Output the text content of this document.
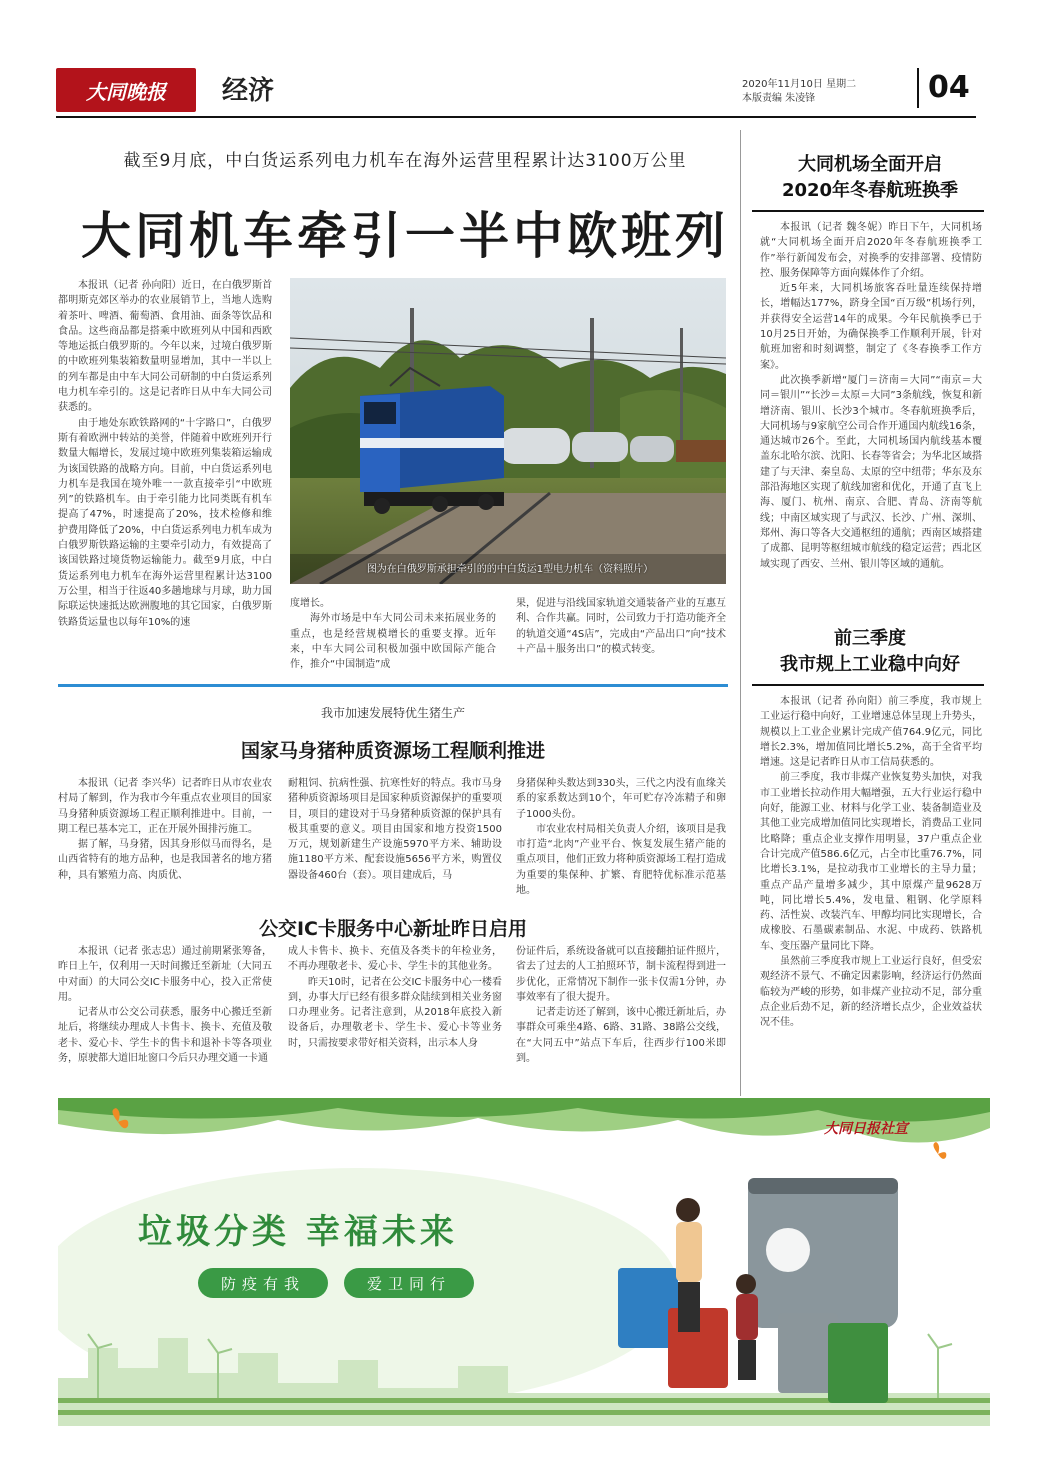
大同晚报	经济	2020年11月10日 星期二
本版责编 朱凌锋	04
截至9月底，中白货运系列电力机车在海外运营里程累计达3100万公里
大同机车牵引一半中欧班列

本报讯（记者 孙向阳）近日，在白俄罗斯首都明斯克郊区举办的农业展销节上，当地人选购着茶叶、啤酒、葡萄酒、食用油、面条等饮品和食品。这些商品都是搭乘中欧班列从中国和西欧等地运抵白俄罗斯的。今年以来，过境白俄罗斯的中欧班列集装箱数量明显增加，其中一半以上的列车都是由中车大同公司研制的中白货运系列电力机车牵引的。这是记者昨日从中车大同公司获悉的。

由于地处东欧铁路网的“十字路口”，白俄罗斯有着欧洲中转站的美誉，伴随着中欧班列开行数量大幅增长，发展过境中欧班列集装箱运输成为该国铁路的战略方向。目前，中白货运系列电力机车是我国在境外唯一一款直接牵引“中欧班列”的铁路机车。由于牵引能力比同类既有机车提高了47%，时速提高了20%，技术检修和维护费用降低了20%，中白货运系列电力机车成为白俄罗斯铁路运输的主要牵引动力，有效提高了该国铁路过境货物运输能力。截至9月底，中白货运系列电力机车在海外运营里程累计达3100万公里，相当于往返40多趟地球与月球，助力国际联运快速抵达欧洲腹地的其它国家，白俄罗斯铁路货运量也以每年10%的速

图为在白俄罗斯承担牵引的的中白货运1型电力机车（资料照片）

度增长。

海外市场是中车大同公司未来拓展业务的重点，也是经营规模增长的重要支撑。近年来，中车大同公司积极加强中欧国际产能合作，推介“中国制造”成

果，促进与沿线国家轨道交通装备产业的互惠互利、合作共赢。同时，公司致力于打造功能齐全的轨道交通“4S店”，完成由“产品出口”向“技术＋产品＋服务出口”的模式转变。

我市加速发展特优生猪生产
国家马身猪种质资源场工程顺利推进

本报讯（记者 李兴华）记者昨日从市农业农村局了解到，作为我市今年重点农业项目的国家马身猪种质资源场工程正顺利推进中。目前，一期工程已基本完工，正在开展外围排污施工。

据了解，马身猪，因其身形似马而得名，是山西省特有的地方品种，也是我国著名的地方猪种，具有繁殖力高、肉质优、

耐粗饲、抗病性强、抗寒性好的特点。我市马身猪种质资源场项目是国家种质资源保护的重要项目，项目的建设对于马身猪种质资源的保护具有极其重要的意义。项目由国家和地方投资1500万元，规划新建生产设施5970平方米、辅助设施1180平方米、配套设施5656平方米，购置仪器设备460台（套）。项目建成后，马

身猪保种头数达到330头，三代之内没有血缘关系的家系数达到10个，年可贮存冷冻精子和卵子1000头份。

市农业农村局相关负责人介绍，该项目是我市打造“北肉”产业平台、恢复发展生猪产能的重点项目，他们正致力将种质资源场工程打造成为重要的集保种、扩繁、育肥特优标准示范基地。

公交IC卡服务中心新址昨日启用

本报讯（记者 张志忠）通过前期紧张筹备，昨日上午，仅利用一天时间搬迁至新址（大同五中对面）的大同公交IC卡服务中心，投入正常使用。

记者从市公交公司获悉，服务中心搬迁至新址后，将继续办理成人卡售卡、换卡、充值及敬老卡、爱心卡、学生卡的售卡和退补卡等各项业务，原驶都大道旧址窗口今后只办理交通一卡通

成人卡售卡、换卡、充值及各类卡的年检业务，不再办理敬老卡、爱心卡、学生卡的其他业务。

昨天10时，记者在公交IC卡服务中心一楼看到，办事大厅已经有很多群众陆续到相关业务窗口办理业务。记者注意到，从2018年底投入新设备后，办理敬老卡、学生卡、爱心卡等业务时，只需按要求带好相关资料，出示本人身

份证件后，系统设备就可以直接翻拍证件照片，省去了过去的人工拍照环节，制卡流程得到进一步优化，正常情况下制作一张卡仅需1分钟，办事效率有了很大提升。

记者走访还了解到，该中心搬迁新址后，办事群众可乘坐4路、6路、31路、38路公交线，在“大同五中”站点下车后，往西步行100米即到。

大同机场全面开启
2020年冬春航班换季

本报讯（记者 魏冬妮）昨日下午，大同机场就“大同机场全面开启2020年冬春航班换季工作”举行新闻发布会，对换季的安排部署、疫情防控、服务保障等方面向媒体作了介绍。

近5年来，大同机场旅客吞吐量连续保持增长，增幅达177%，跻身全国“百万级”机场行列，并获得安全运营14年的成果。今年民航换季已于10月25日开始，为确保换季工作顺利开展，针对航班加密和时刻调整，制定了《冬春换季工作方案》。

此次换季新增“厦门＝济南＝大同”“南京＝大同＝银川”“长沙＝太原＝大同”3条航线，恢复和新增济南、银川、长沙3个城市。冬春航班换季后，大同机场与9家航空公司合作开通国内航线16条，通达城市26个。至此，大同机场国内航线基本覆盖东北哈尔滨、沈阳、长春等省会；为华北区域搭建了与天津、秦皇岛、太原的空中纽带；华东及东部沿海地区实现了航线加密和优化，开通了直飞上海、厦门、杭州、南京、合肥、青岛、济南等航线；中南区域实现了与武汉、长沙、广州、深圳、郑州、海口等各大交通枢纽的通航；西南区域搭建了成都、昆明等枢纽城市航线的稳定运营；西北区域实现了西安、兰州、银川等区域的通航。

前三季度
我市规上工业稳中向好

本报讯（记者 孙向阳）前三季度，我市规上工业运行稳中向好，工业增速总体呈现上升势头，规模以上工业企业累计完成产值764.9亿元，同比增长2.3%，增加值同比增长5.2%，高于全省平均增速。这是记者昨日从市工信局获悉的。

前三季度，我市非煤产业恢复势头加快，对我市工业增长拉动作用大幅增强，五大行业运行稳中向好，能源工业、材料与化学工业、装备制造业及其他工业完成增加值同比实现增长，消费品工业同比略降；重点企业支撑作用明显，37户重点企业合计完成产值586.6亿元，占全市比重76.7%，同比增长3.1%，是拉动我市工业增长的主导力量；重点产品产量增多减少，其中原煤产量9628万吨，同比增长5.4%，发电量、粗钢、化学原料药、活性炭、改装汽车、甲醇均同比实现增长，合成橡胶、石墨碳素制品、水泥、中成药、铁路机车、变压器产量同比下降。

虽然前三季度我市规上工业运行良好，但受宏观经济不景气、不确定因素影响，经济运行仍然面临较为严峻的形势，如非煤产业拉动不足，部分重点企业后劲不足，新的经济增长点少，企业效益状况不佳。

大同日报社宣
垃圾分类 幸福未来
防疫有我	爱卫同行
